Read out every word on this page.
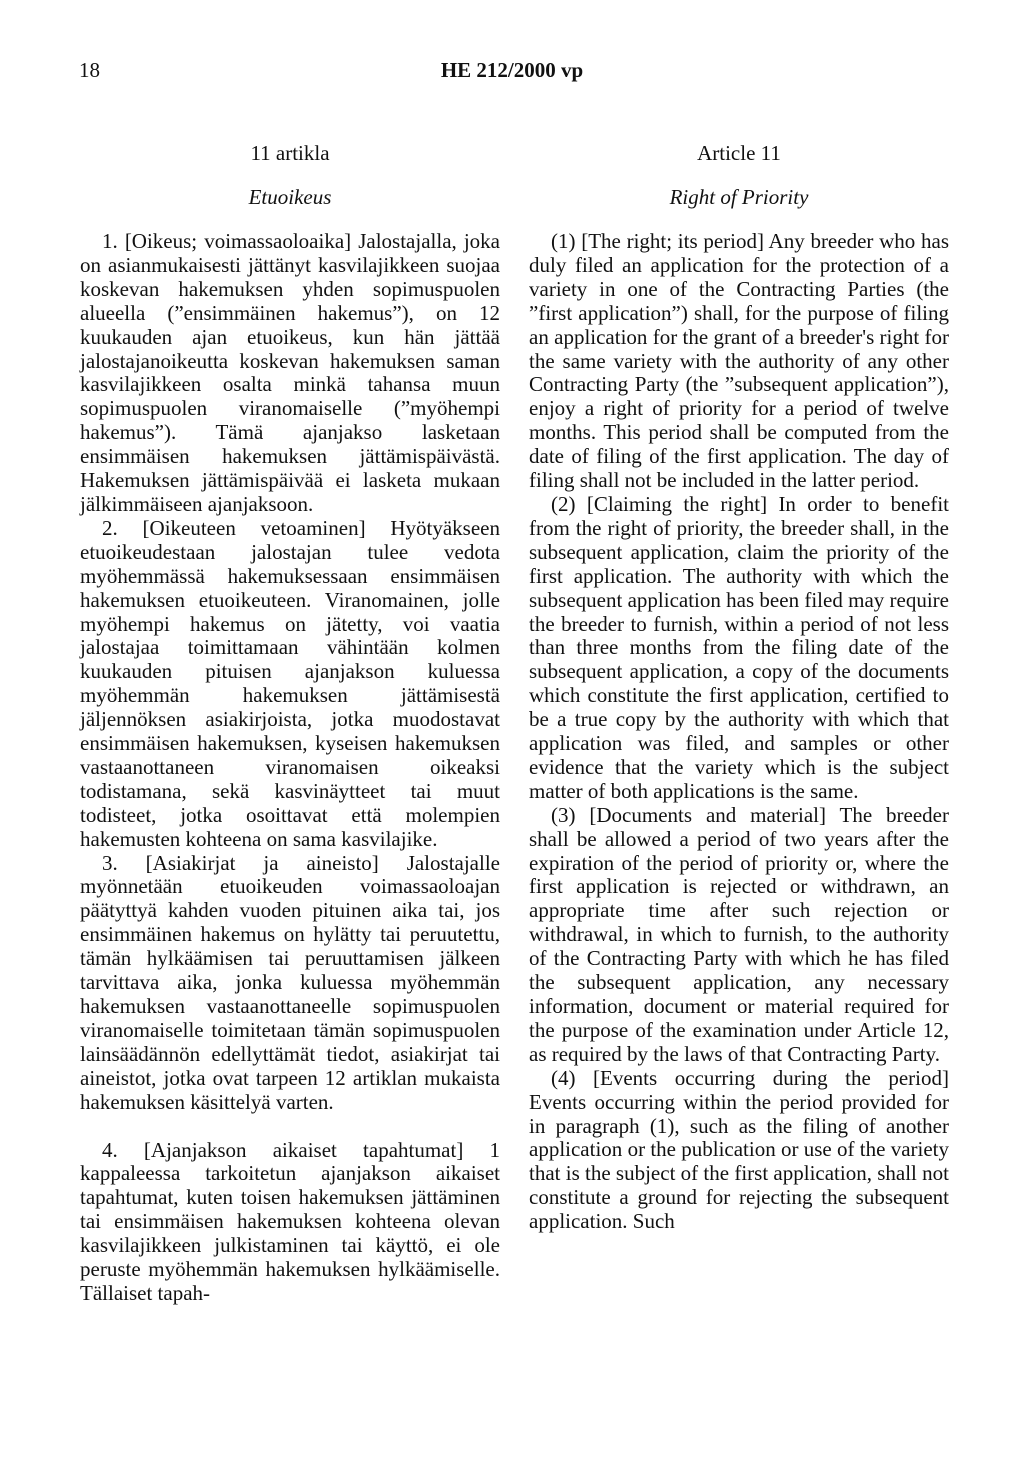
18	HE 212/2000 vp

11 artikla

Etuoikeus

1. [Oikeus; voimassaoloaika] Jalostajalla, joka on asianmukaisesti jättänyt kasvilajikkeen suojaa koskevan hakemuksen yhden sopimuspuolen alueella (”ensimmäinen hakemus”), on 12 kuukauden ajan etuoikeus, kun hän jättää jalostajanoikeutta koskevan hakemuksen saman kasvilajikkeen osalta minkä tahansa muun sopimuspuolen viranomaiselle (”myöhempi hakemus”). Tämä ajanjakso lasketaan ensimmäisen hakemuksen jättämispäivästä. Hakemuksen jättämispäivää ei lasketa mukaan jälkimmäiseen ajanjaksoon.

2. [Oikeuteen vetoaminen] Hyötyäkseen etuoikeudestaan jalostajan tulee vedota myöhemmässä hakemuksessaan ensimmäisen hakemuksen etuoikeuteen. Viranomainen, jolle myöhempi hakemus on jätetty, voi vaatia jalostajaa toimittamaan vähintään kolmen kuukauden pituisen ajanjakson kuluessa myöhemmän hakemuksen jättämisestä jäljennöksen asiakirjoista, jotka muodostavat ensimmäisen hakemuksen, kyseisen hakemuksen vastaanottaneen viranomaisen oikeaksi todistamana, sekä kasvinäytteet tai muut todisteet, jotka osoittavat että molempien hakemusten kohteena on sama kasvilajike.

3. [Asiakirjat ja aineisto] Jalostajalle myönnetään etuoikeuden voimassaoloajan päätyttyä kahden vuoden pituinen aika tai, jos ensimmäinen hakemus on hylätty tai peruutettu, tämän hylkäämisen tai peruuttamisen jälkeen tarvittava aika, jonka kuluessa myöhemmän hakemuksen vastaanottaneelle sopimuspuolen viranomaiselle toimitetaan tämän sopimuspuolen lainsäädännön edellyttämät tiedot, asiakirjat tai aineistot, jotka ovat tarpeen 12 artiklan mukaista hakemuksen käsittelyä varten.

4. [Ajanjakson aikaiset tapahtumat] 1 kappaleessa tarkoitetun ajanjakson aikaiset tapahtumat, kuten toisen hakemuksen jättäminen tai ensimmäisen hakemuksen kohteena olevan kasvilajikkeen julkistaminen tai käyttö, ei ole peruste myöhemmän hakemuksen hylkäämiselle. Tällaiset tapah-

Article 11

Right of Priority

(1) [The right; its period] Any breeder who has duly filed an application for the protection of a variety in one of the Contracting Parties (the ”first application”) shall, for the purpose of filing an application for the grant of a breeder's right for the same variety with the authority of any other Contracting Party (the ”subsequent application”), enjoy a right of priority for a period of twelve months. This period shall be computed from the date of filing of the first application. The day of filing shall not be included in the latter period.

(2) [Claiming the right] In order to benefit from the right of priority, the breeder shall, in the subsequent application, claim the priority of the first application. The authority with which the subsequent application has been filed may require the breeder to furnish, within a period of not less than three months from the filing date of the subsequent application, a copy of the documents which constitute the first application, certified to be a true copy by the authority with which that application was filed, and samples or other evidence that the variety which is the subject matter of both applications is the same.

(3) [Documents and material] The breeder shall be allowed a period of two years after the expiration of the period of priority or, where the first application is rejected or withdrawn, an appropriate time after such rejection or withdrawal, in which to furnish, to the authority of the Contracting Party with which he has filed the subsequent application, any necessary information, document or material required for the purpose of the examination under Article 12, as required by the laws of that Contracting Party.

(4) [Events occurring during the period] Events occurring within the period provided for in paragraph (1), such as the filing of another application or the publication or use of the variety that is the subject of the first application, shall not constitute a ground for rejecting the subsequent application. Such
